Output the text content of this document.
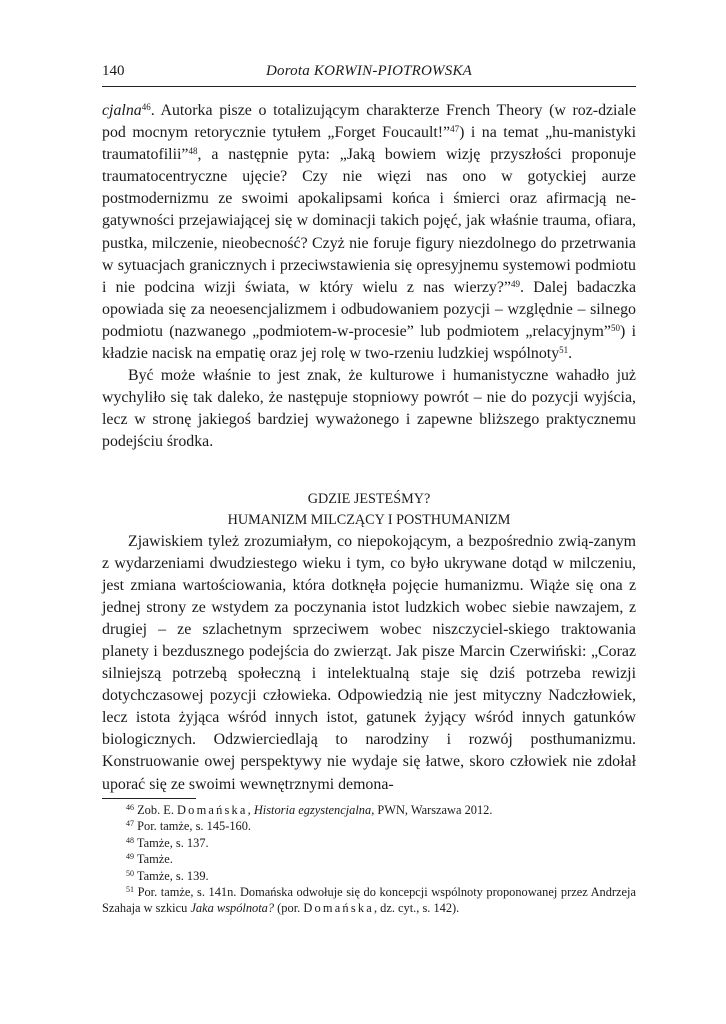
140	Dorota KORWIN-PIOTROWSKA

cjalna$^{46}$. Autorka pisze o totalizującym charakterze French Theory (w roz-dziale pod mocnym retorycznie tytułem „Forget Foucault!”$^{47}$) i na temat „hu-manistyki traumatofilii”$^{48}$, a następnie pyta: „Jaką bowiem wizję przyszłości proponuje traumatocentryczne ujęcie? Czy nie więzi nas ono w gotyckiej aurze postmodernizmu ze swoimi apokalipsami końca i śmierci oraz afirmacją ne-gatywności przejawiającej się w dominacji takich pojęć, jak właśnie trauma, ofiara, pustka, milczenie, nieobecność? Czyż nie foruje figury niezdolnego do przetrwania w sytuacjach granicznych i przeciwstawienia się opresyjnemu systemowi podmiotu i nie podcina wizji świata, w który wielu z nas wierzy?”$^{49}$. Dalej badaczka opowiada się za neoesencjalizmem i odbudowaniem pozycji – względnie – silnego podmiotu (nazwanego „podmiotem-w-procesie” lub podmiotem „relacyjnym”$^{50}$) i kładzie nacisk na empatię oraz jej rolę w two-rzeniu ludzkiej wspólnoty$^{51}$.

Być może właśnie to jest znak, że kulturowe i humanistyczne wahadło już wychyliło się tak daleko, że następuje stopniowy powrót – nie do pozycji wyjścia, lecz w stronę jakiegoś bardziej wyważonego i zapewne bliższego praktycznemu podejściu środka.

GDZIE JESTEŚMY?
HUMANIZM MILCZĄCY I POSTHUMANIZM

Zjawiskiem tyleż zrozumiałym, co niepokojącym, a bezpośrednio zwią-zanym z wydarzeniami dwudziestego wieku i tym, co było ukrywane dotąd w milczeniu, jest zmiana wartościowania, która dotknęła pojęcie humanizmu. Wiąże się ona z jednej strony ze wstydem za poczynania istot ludzkich wobec siebie nawzajem, z drugiej – ze szlachetnym sprzeciwem wobec niszczyciel-skiego traktowania planety i bezdusznego podejścia do zwierząt. Jak pisze Marcin Czerwiński: „Coraz silniejszą potrzebą społeczną i intelektualną staje się dziś potrzeba rewizji dotychczasowej pozycji człowieka. Odpowiedzią nie jest mityczny Nadczłowiek, lecz istota żyjąca wśród innych istot, gatunek żyjący wśród innych gatunków biologicznych. Odzwierciedlają to narodziny i rozwój posthumanizmu. Konstruowanie owej perspektywy nie wydaje się łatwe, skoro człowiek nie zdołał uporać się ze swoimi wewnętrznymi demona-

$^{46}$ Zob. E. Domańska, Historia egzystencjalna, PWN, Warszawa 2012.
$^{47}$ Por. tamże, s. 145-160.
$^{48}$ Tamże, s. 137.
$^{49}$ Tamże.
$^{50}$ Tamże, s. 139.
$^{51}$ Por. tamże, s. 141n. Domańska odwołuje się do koncepcji wspólnoty proponowanej przez Andrzeja Szahaja w szkicu Jaka wspólnota? (por. Domańska, dz. cyt., s. 142).
